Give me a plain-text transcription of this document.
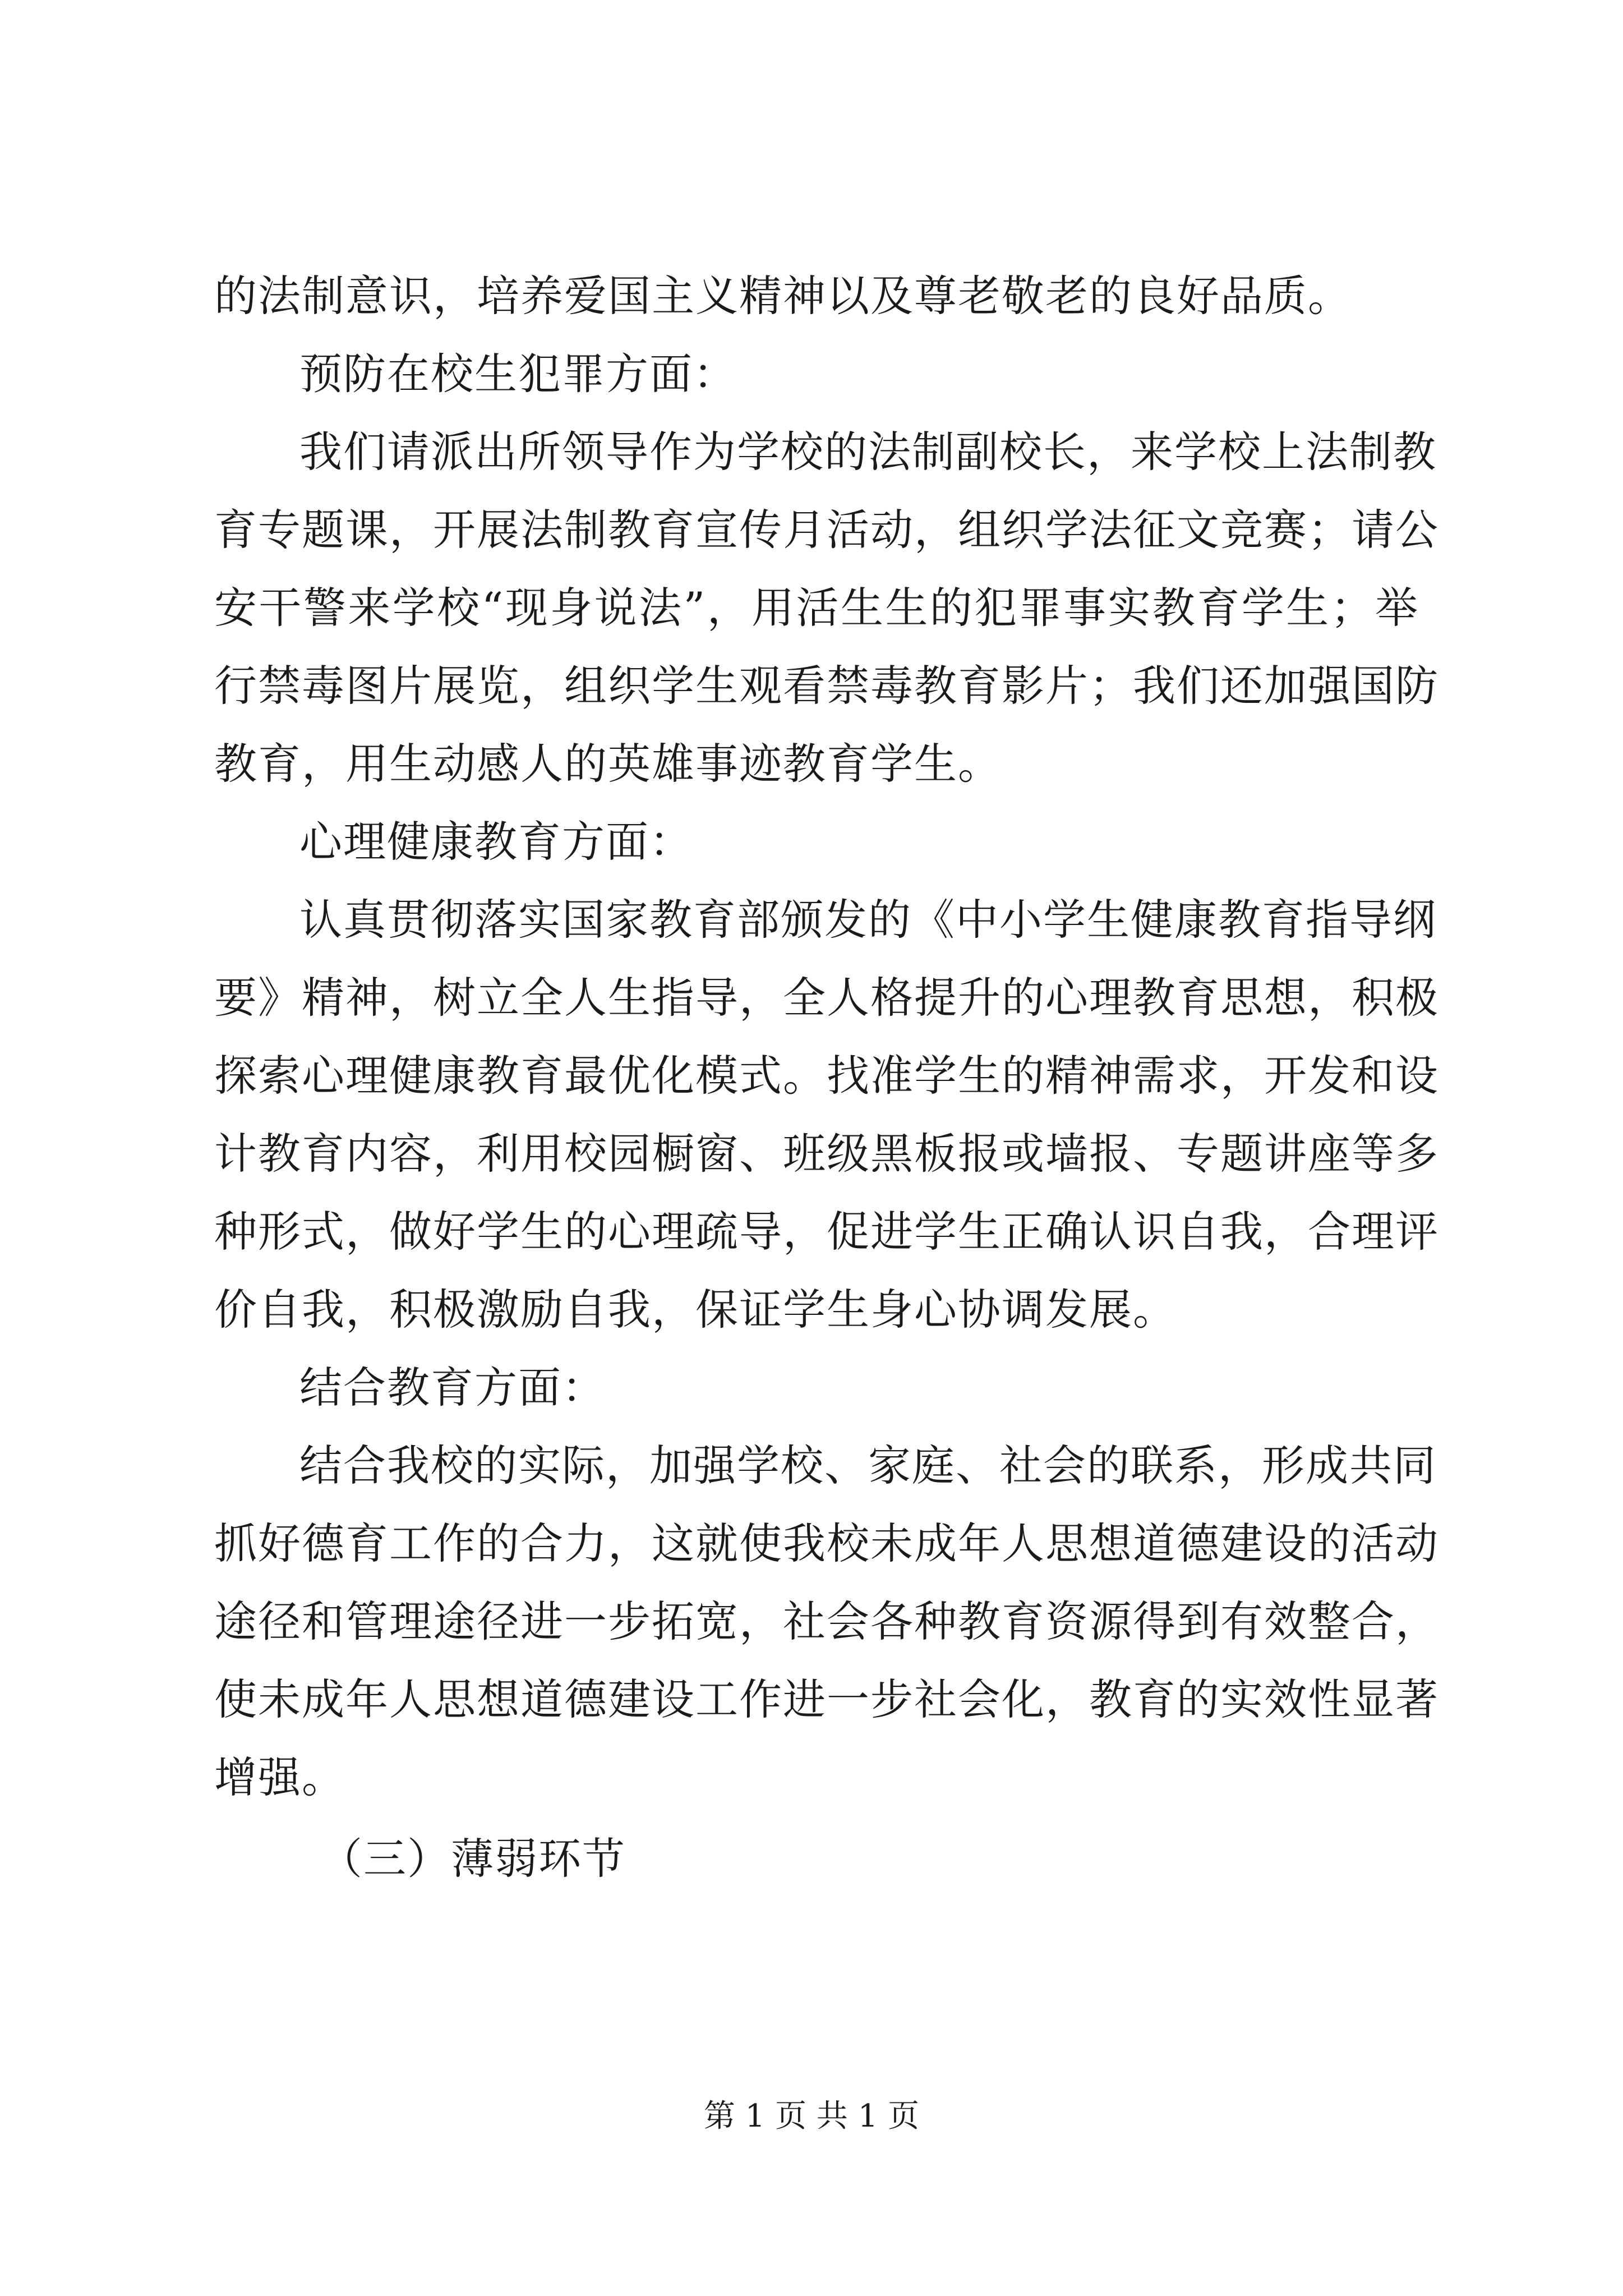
的法制意识，培养爱国主义精神以及尊老敬老的良好品质。
预防在校生犯罪方面：
我们请派出所领导作为学校的法制副校长，来学校上法制教
育专题课，开展法制教育宣传月活动，组织学法征文竞赛；请公
安干警来学校“现身说法”，用活生生的犯罪事实教育学生；举
行禁毒图片展览，组织学生观看禁毒教育影片；我们还加强国防
教育，用生动感人的英雄事迹教育学生。
心理健康教育方面：
认真贯彻落实国家教育部颁发的《中小学生健康教育指导纲
要》精神，树立全人生指导，全人格提升的心理教育思想，积极
探索心理健康教育最优化模式。找准学生的精神需求，开发和设
计教育内容，利用校园橱窗、班级黑板报或墙报、专题讲座等多
种形式，做好学生的心理疏导，促进学生正确认识自我，合理评
价自我，积极激励自我，保证学生身心协调发展。
结合教育方面：
结合我校的实际，加强学校、家庭、社会的联系，形成共同
抓好德育工作的合力，这就使我校未成年人思想道德建设的活动
途径和管理途径进一步拓宽，社会各种教育资源得到有效整合，
使未成年人思想道德建设工作进一步社会化，教育的实效性显著
增强。
（三）薄弱环节
第 1 页 共 1 页
